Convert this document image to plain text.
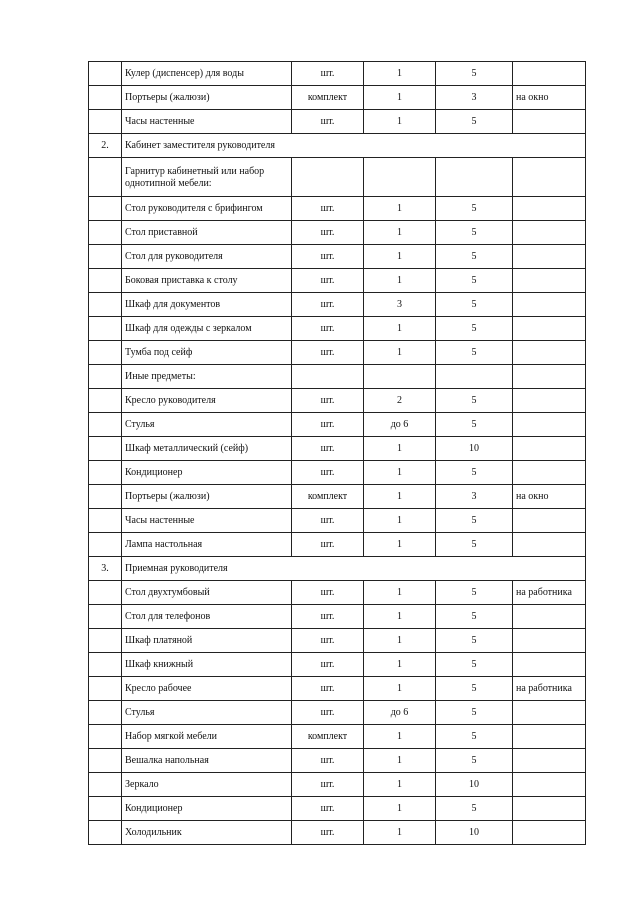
	Кулер (диспенсер) для воды	шт.	1	5	
	Портьеры (жалюзи)	комплект	1	3	на окно
	Часы настенные	шт.	1	5	
2.	Кабинет заместителя руководителя				
	Гарнитур кабинетный или набор однотипной мебели:				
	Стол руководителя с брифингом	шт.	1	5	
	Стол приставной	шт.	1	5	
	Стол для руководителя	шт.	1	5	
	Боковая приставка к столу	шт.	1	5	
	Шкаф для документов	шт.	3	5	
	Шкаф для одежды с зеркалом	шт.	1	5	
	Тумба под сейф	шт.	1	5	
	Иные предметы:				
	Кресло руководителя	шт.	2	5	
	Стулья	шт.	до 6	5	
	Шкаф металлический (сейф)	шт.	1	10	
	Кондиционер	шт.	1	5	
	Портьеры (жалюзи)	комплект	1	3	на окно
	Часы настенные	шт.	1	5	
	Лампа настольная	шт.	1	5	
3.	Приемная руководителя				
	Стол двухтумбовый	шт.	1	5	на работника
	Стол для телефонов	шт.	1	5	
	Шкаф платяной	шт.	1	5	
	Шкаф книжный	шт.	1	5	
	Кресло рабочее	шт.	1	5	на работника
	Стулья	шт.	до 6	5	
	Набор мягкой мебели	комплект	1	5	
	Вешалка напольная	шт.	1	5	
	Зеркало	шт.	1	10	
	Кондиционер	шт.	1	5	
	Холодильник	шт.	1	10	
